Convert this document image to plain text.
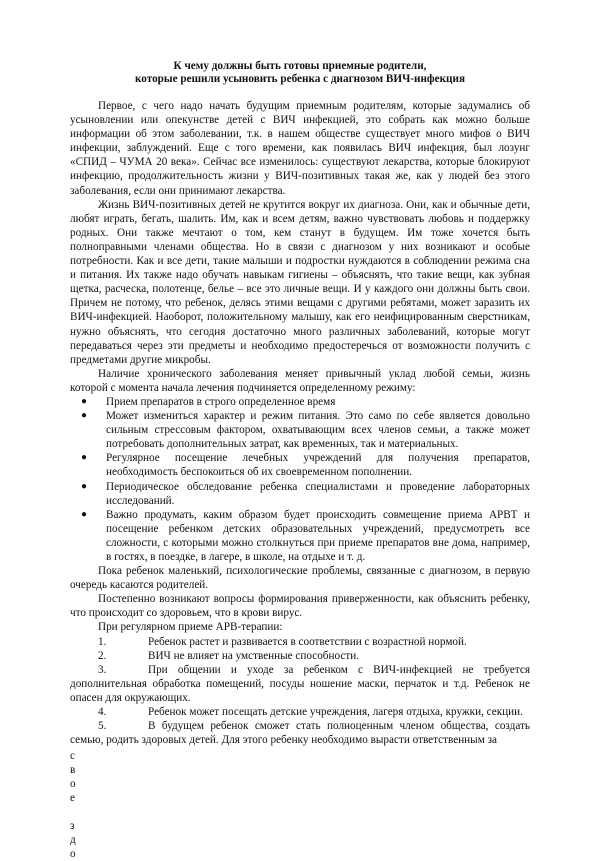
К чему должны быть готовы приемные родители,
которые решили усыновить ребенка с диагнозом ВИЧ-инфекция

Первое, с чего надо начать будущим приемным родителям, которые задумались об усыновлении или опекунстве детей с ВИЧ инфекцией, это собрать как можно больше информации об этом заболевании, т.к. в нашем обществе существует много мифов о ВИЧ инфекции, заблуждений. Еще с того времени, как появилась ВИЧ инфекция, был лозунг «СПИД – ЧУМА 20 века». Сейчас все изменилось: существуют лекарства, которые блокируют инфекцию, продолжительность жизни у ВИЧ-позитивных такая же, как у людей без этого заболевания, если они принимают лекарства.

Жизнь ВИЧ-позитивных детей не крутится вокруг их диагноза. Они, как и обычные дети, любят играть, бегать, шалить. Им, как и всем детям, важно чувствовать любовь и поддержку родных. Они также мечтают о том, кем станут в будущем. Им тоже хочется быть полноправными членами общества. Но в связи с диагнозом у них возникают и особые потребности. Как и все дети, такие малыши и подростки нуждаются в соблюдении режима сна и питания. Их также надо обучать навыкам гигиены – объяснять, что такие вещи, как зубная щетка, расческа, полотенце, белье – все это личные вещи. И у каждого они должны быть свои. Причем не потому, что ребенок, делясь этими вещами с другими ребятами, может заразить их ВИЧ-инфекцией. Наоборот, положительному малышу, как его неифицированным сверстникам, нужно объяснять, что сегодня достаточно много различных заболеваний, которые могут передаваться через эти предметы и необходимо предостеречься от возможности получить с предметами другие микробы.

Наличие хронического заболевания меняет привычный уклад любой семьи, жизнь которой с момента начала лечения подчиняется определенному режиму:

● Прием препаратов в строго определенное время
● Может измениться характер и режим питания. Это само по себе является довольно сильным стрессовым фактором, охватывающим всех членов семьи, а также может потребовать дополнительных затрат, как временных, так и материальных.
● Регулярное посещение лечебных учреждений для получения препаратов, необходимость беспокоиться об их своевременном пополнении.
● Периодическое обследование ребенка специалистами и проведение лабораторных исследований.
● Важно продумать, каким образом будет происходить совмещение приема АРВТ и посещение ребенком детских образовательных учреждений, предусмотреть все сложности, с которыми можно столкнуться при приеме препаратов вне дома, например, в гостях, в поездке, в лагере, в школе, на отдыхе и т. д.

Пока ребенок маленький, психологические проблемы, связанные с диагнозом, в первую очередь касаются родителей.

Постепенно возникают вопросы формирования приверженности, как объяснить ребенку, что происходит со здоровьем, что в крови вирус.

При регулярном приеме АРВ-терапии:

1.	Ребенок растет и развивается в соответствии с возрастной нормой.
2.	ВИЧ не влияет на умственные способности.
3.	При общении и уходе за ребенком с ВИЧ-инфекцией не требуется дополнительная обработка помещений, посуды ношение маски, перчаток и т.д. Ребенок не опасен для окружающих.
4.	Ребенок может посещать детские учреждения, лагеря отдыха, кружки, секции.
5.	В будущем ребенок сможет стать полноценным членом общества, создать семью, родить здоровых детей. Для этого ребенку необходимо вырасти ответственным за
с
в
о
е
з
д
о
